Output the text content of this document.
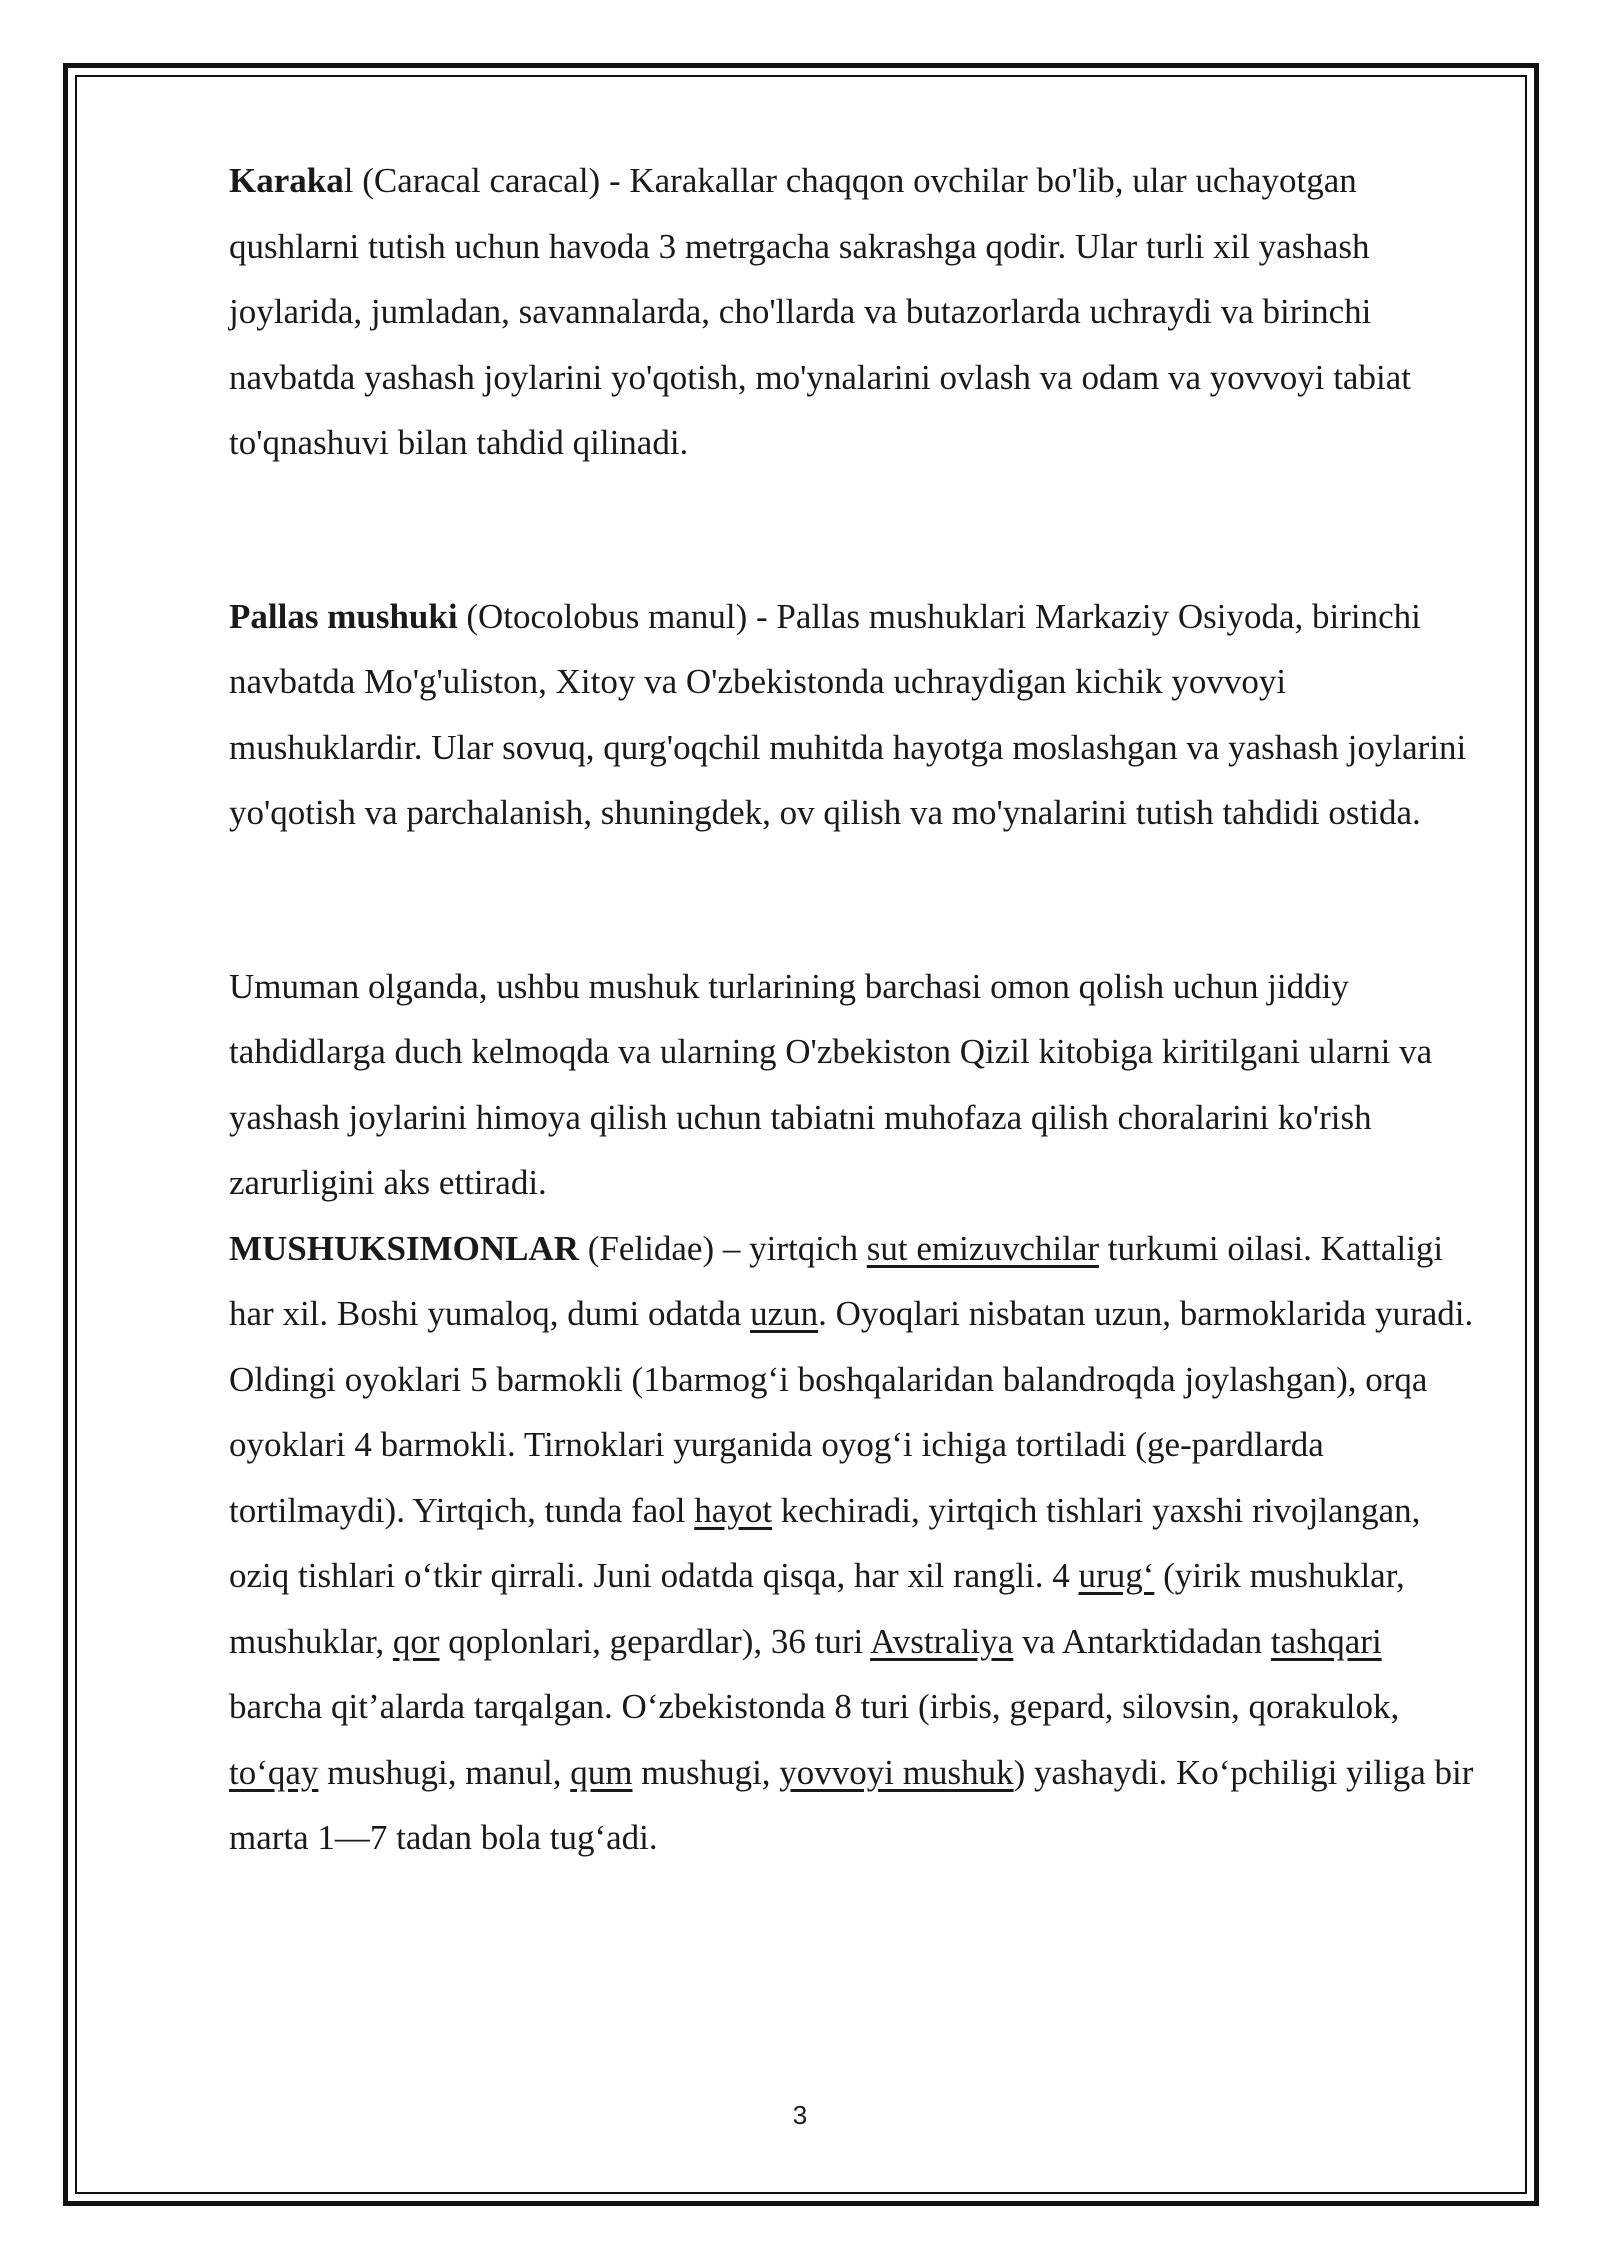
Karakal (Caracal caracal) - Karakallar chaqqon ovchilar bo'lib, ular uchayotgan qushlarni tutish uchun havoda 3 metrgacha sakrashga qodir. Ular turli xil yashash joylarida, jumladan, savannalarda, cho'llarda va butazorlarda uchraydi va birinchi navbatda yashash joylarini yo'qotish, mo'ynalarini ovlash va odam va yovvoyi tabiat to'qnashuvi bilan tahdid qilinadi.

Pallas mushuki (Otocolobus manul) - Pallas mushuklari Markaziy Osiyoda, birinchi navbatda Mo'g'uliston, Xitoy va O'zbekistonda uchraydigan kichik yovvoyi mushuklardir. Ular sovuq, qurg'oqchil muhitda hayotga moslashgan va yashash joylarini yo'qotish va parchalanish, shuningdek, ov qilish va mo'ynalarini tutish tahdidi ostida.

Umuman olganda, ushbu mushuk turlarining barchasi omon qolish uchun jiddiy tahdidlarga duch kelmoqda va ularning O'zbekiston Qizil kitobiga kiritilgani ularni va yashash joylarini himoya qilish uchun tabiatni muhofaza qilish choralarini ko'rish zarurligini aks ettiradi.

MUSHUKSIMONLAR (Felidae) – yirtqich sut emizuvchilar turkumi oilasi. Kattaligi har xil. Boshi yumaloq, dumi odatda uzun. Oyoqlari nisbatan uzun, barmoklarida yuradi. Oldingi oyoklari 5 barmokli (1barmog‘i boshqalaridan balandroqda joylashgan), orqa oyoklari 4 barmokli. Tirnoklari yurganida oyog‘i ichiga tortiladi (ge-pardlarda tortilmaydi). Yirtqich, tunda faol hayot kechiradi, yirtqich tishlari yaxshi rivojlangan, oziq tishlari o‘tkir qirrali. Juni odatda qisqa, har xil rangli. 4 urug‘ (yirik mushuklar, mushuklar, qor qoplonlari, gepardlar), 36 turi Avstraliya va Antarktidadan tashqari barcha qit’alarda tarqalgan. O‘zbekistonda 8 turi (irbis, gepard, silovsin, qorakulok, to‘qay mushugi, manul, qum mushugi, yovvoyi mushuk) yashaydi. Ko‘pchiligi yiliga bir marta 1—7 tadan bola tug‘adi.

3
